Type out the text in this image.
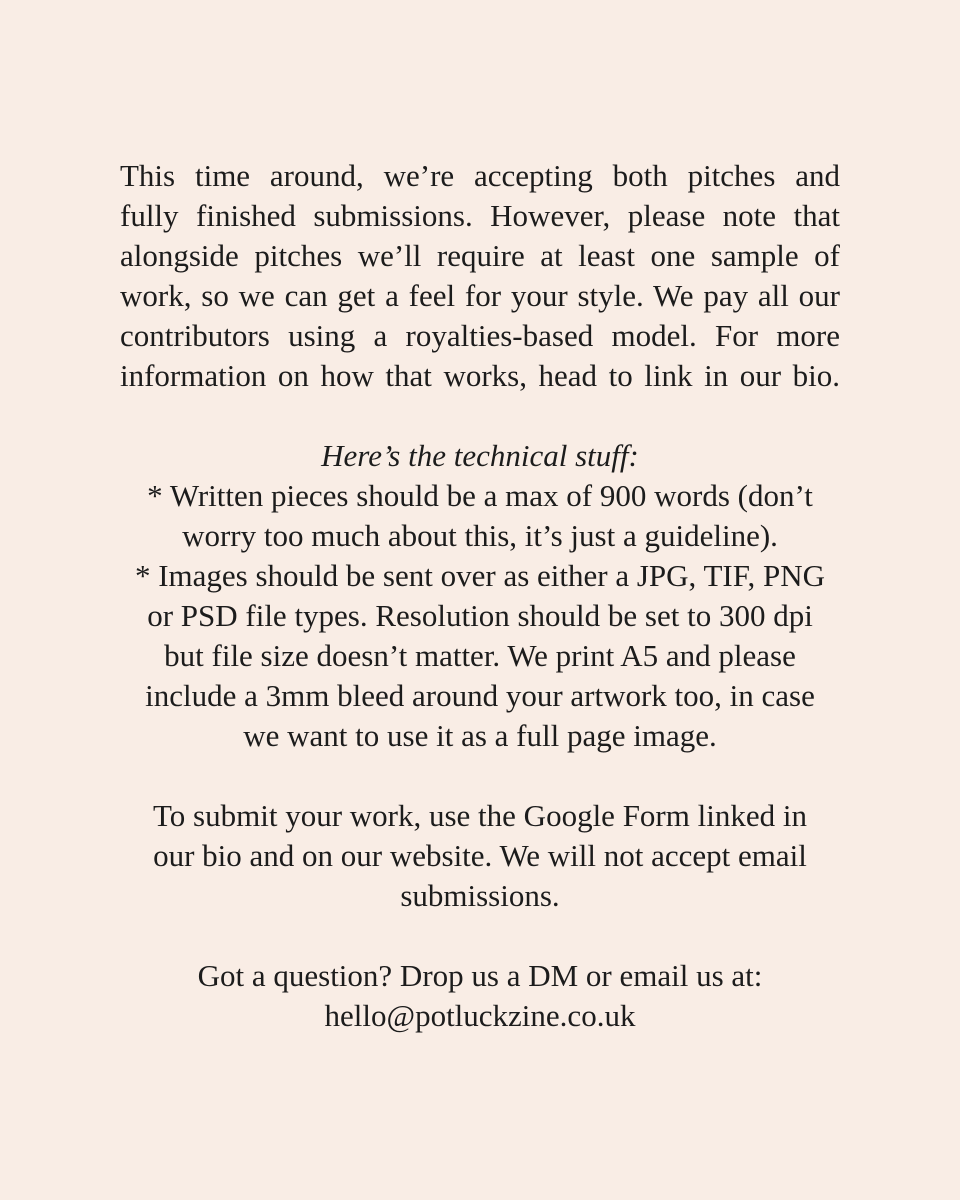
This time around, we’re accepting both pitches and
fully finished submissions. However, please note that
alongside pitches we’ll require at least one sample of
work, so we can get a feel for your style. We pay all our
contributors using a royalties-based model. For more
information on how that works, head to link in our bio.
Here’s the technical stuff:
* Written pieces should be a max of 900 words (don’t
worry too much about this, it’s just a guideline).
* Images should be sent over as either a JPG, TIF, PNG
or PSD file types. Resolution should be set to 300 dpi
but file size doesn’t matter. We print A5 and please
include a 3mm bleed around your artwork too, in case
we want to use it as a full page image.
To submit your work, use the Google Form linked in
our bio and on our website. We will not accept email
submissions.
Got a question? Drop us a DM or email us at:
hello@potluckzine.co.uk
